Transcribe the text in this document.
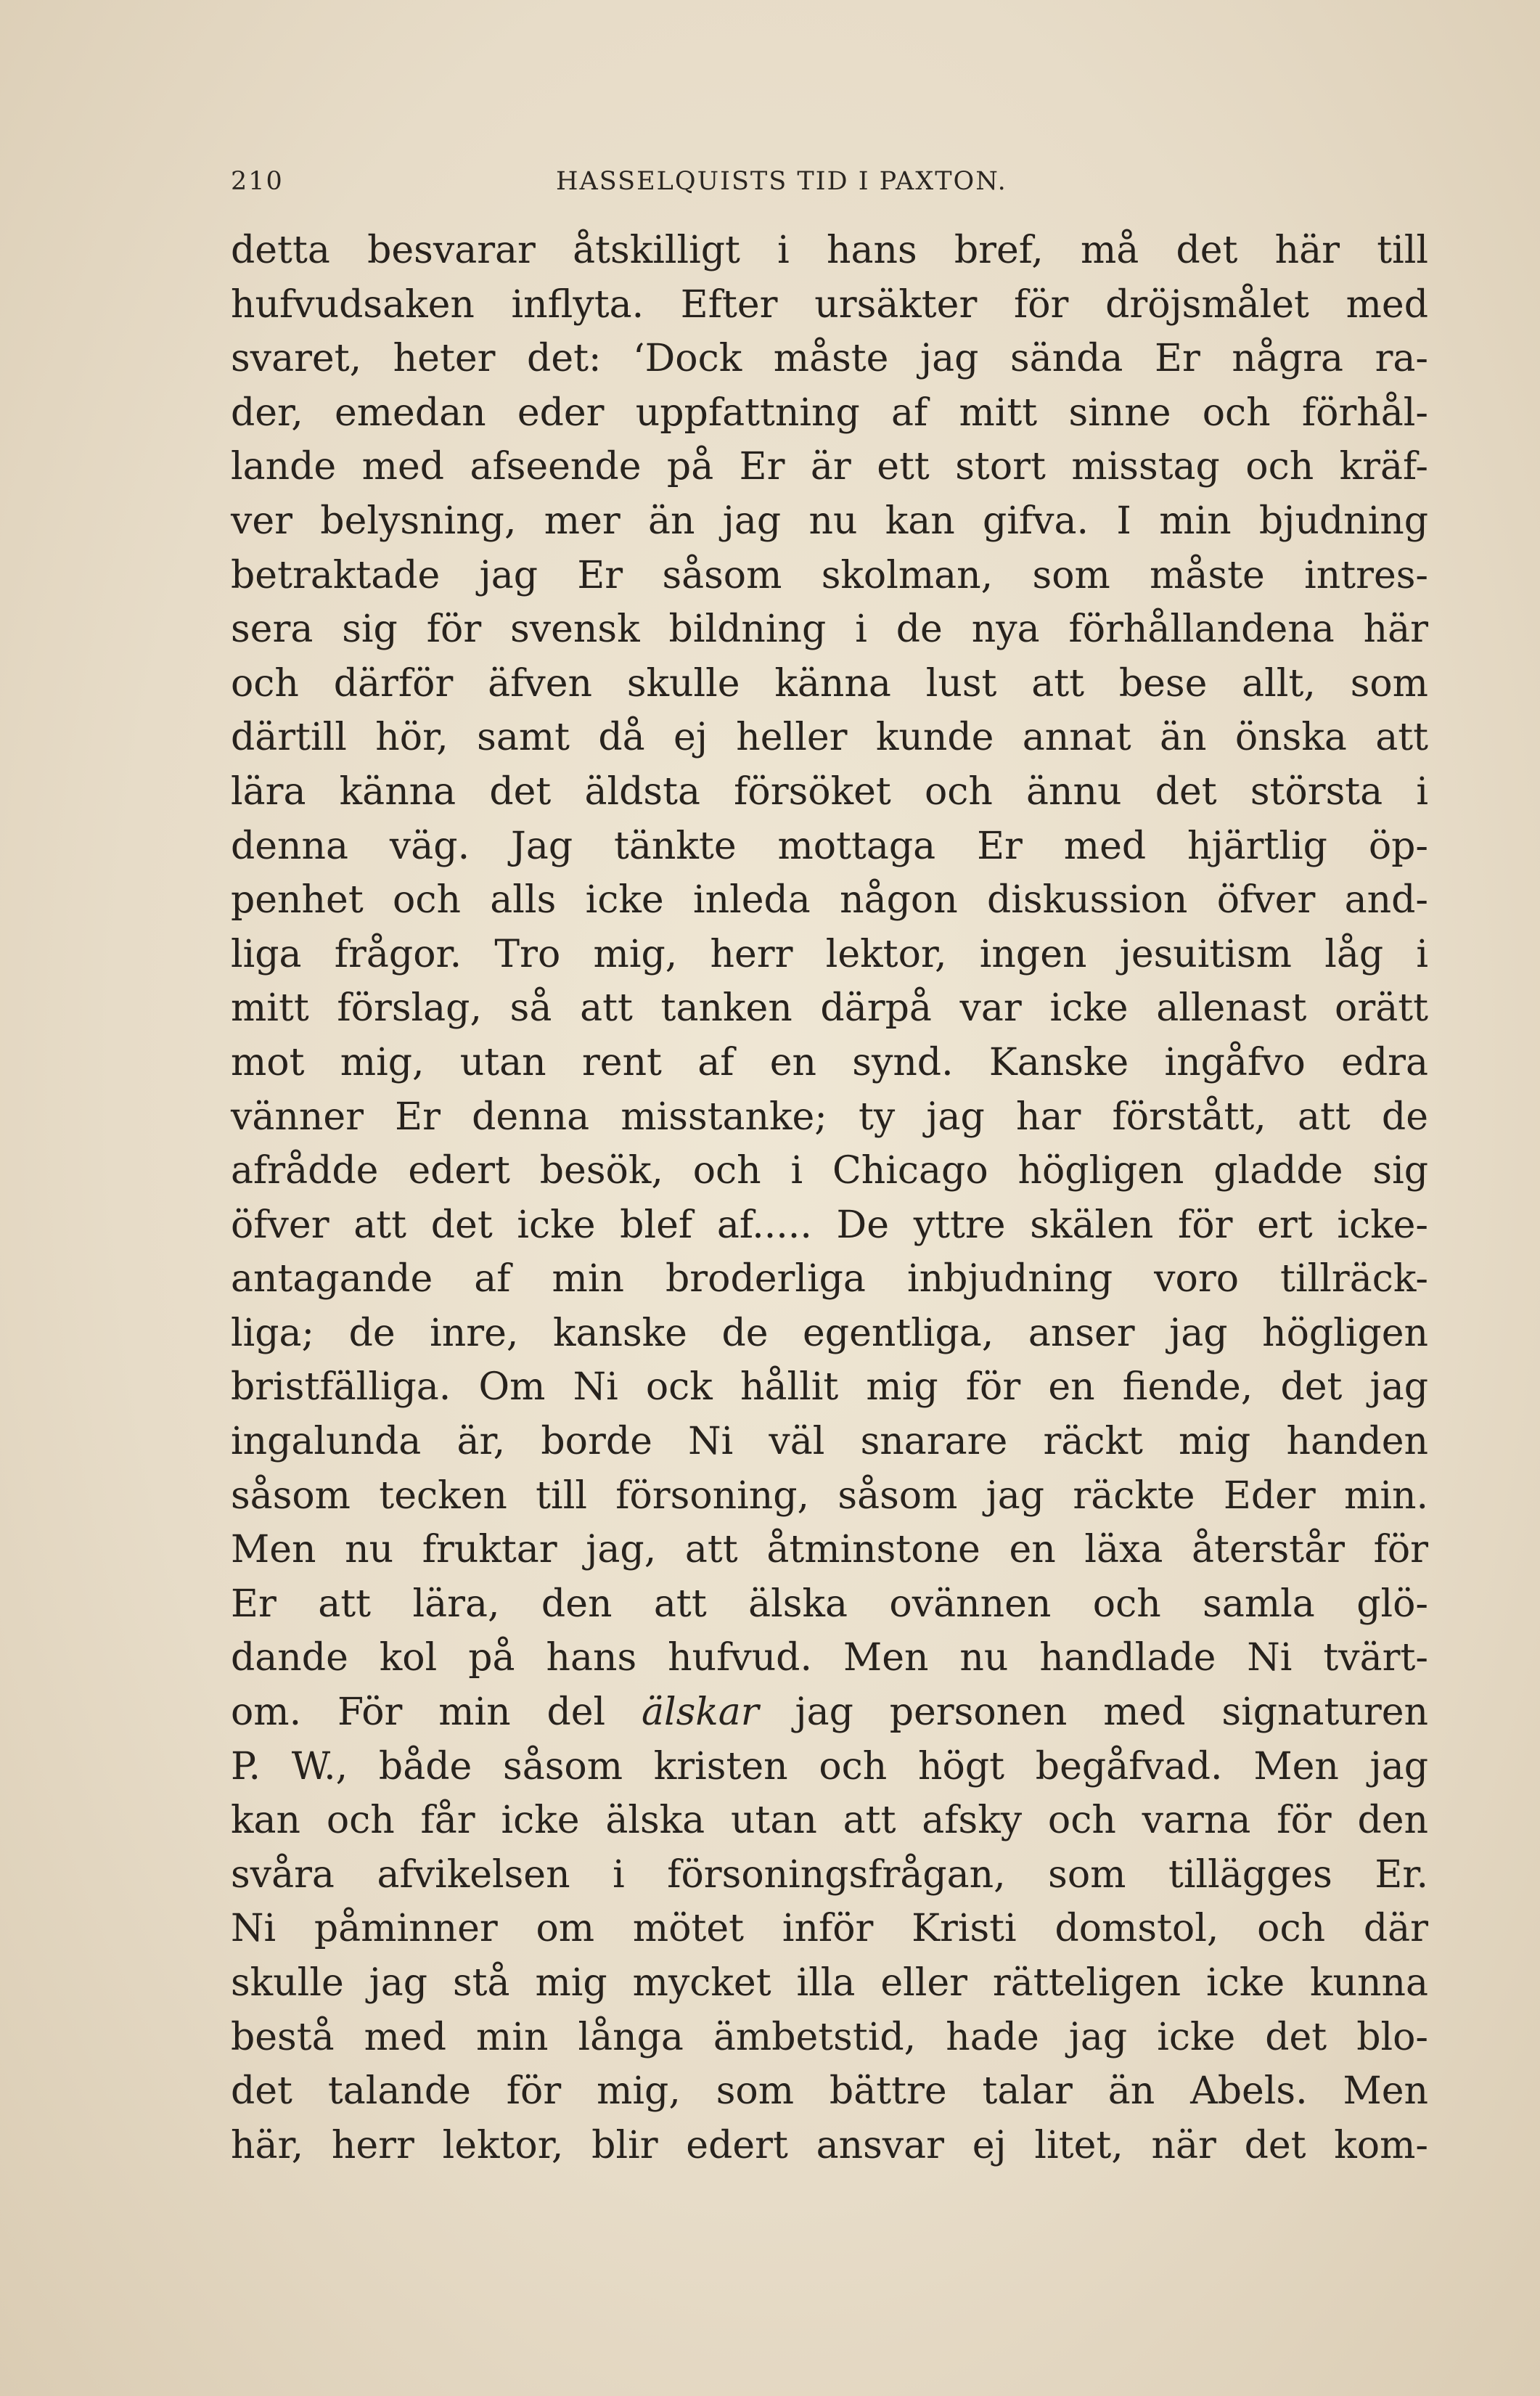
210	HASSELQUISTS TID I PAXTON.
detta besvarar åtskilligt i hans bref, må det här till
hufvudsaken inflyta. Efter ursäkter för dröjsmålet med
svaret, heter det: ‘Dock måste jag sända Er några ra-
der, emedan eder uppfattning af mitt sinne och förhål-
lande med afseende på Er är ett stort misstag och kräf-
ver belysning, mer än jag nu kan gifva. I min bjudning
betraktade jag Er såsom skolman, som måste intres-
sera sig för svensk bildning i de nya förhållandena här
och därför äfven skulle känna lust att bese allt, som
därtill hör, samt då ej heller kunde annat än önska att
lära känna det äldsta försöket och ännu det största i
denna väg. Jag tänkte mottaga Er med hjärtlig öp-
penhet och alls icke inleda någon diskussion öfver and-
liga frågor. Tro mig, herr lektor, ingen jesuitism låg i
mitt förslag, så att tanken därpå var icke allenast orätt
mot mig, utan rent af en synd. Kanske ingåfvo edra
vänner Er denna misstanke; ty jag har förstått, att de
afrådde edert besök, och i Chicago högligen gladde sig
öfver att det icke blef af..... De yttre skälen för ert icke-
antagande af min broderliga inbjudning voro tillräck-
liga; de inre, kanske de egentliga, anser jag högligen
bristfälliga. Om Ni ock hållit mig för en fiende, det jag
ingalunda är, borde Ni väl snarare räckt mig handen
såsom tecken till försoning, såsom jag räckte Eder min.
Men nu fruktar jag, att åtminstone en läxa återstår för
Er att lära, den att älska ovännen och samla glö-
dande kol på hans hufvud. Men nu handlade Ni tvärt-
om. För min del älskar jag personen med signaturen
P. W., både såsom kristen och högt begåfvad. Men jag
kan och får icke älska utan att afsky och varna för den
svåra afvikelsen i försoningsfrågan, som tillägges Er.
Ni påminner om mötet inför Kristi domstol, och där
skulle jag stå mig mycket illa eller rätteligen icke kunna
bestå med min långa ämbetstid, hade jag icke det blo-
det talande för mig, som bättre talar än Abels. Men
här, herr lektor, blir edert ansvar ej litet, när det kom-
